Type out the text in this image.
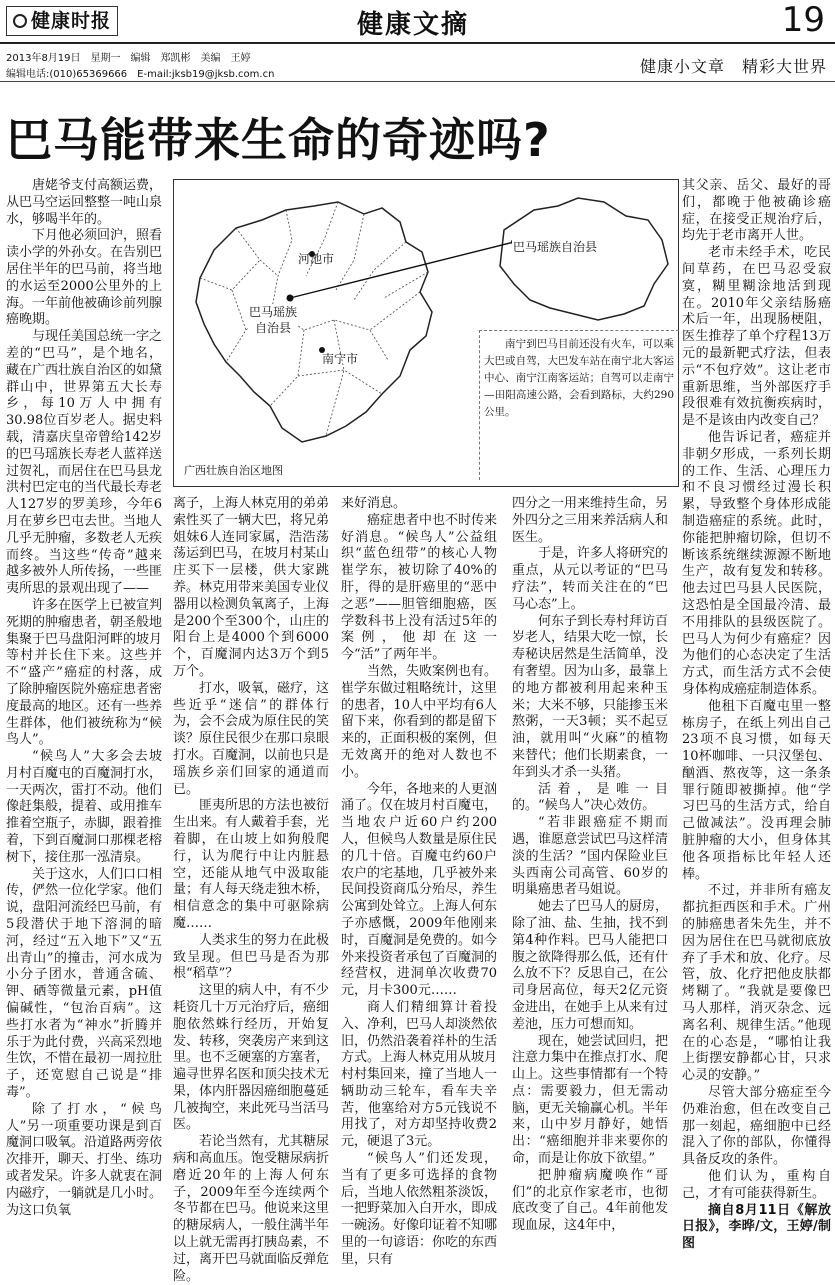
健康时报	健康文摘	19
2013年8月19日　星期一　编辑　郑凯彬　美编　王婷
编辑电话:(010)65369666　E-mail:jksb19@jksb.com.cn	健康小文章　精彩大世界
巴马能带来生命的奇迹吗?

唐姥爷支付高额运费，从巴马空运回整整一吨山泉水，够喝半年的。

下月他必须回沪，照看读小学的外孙女。在告别巴居住半年的巴马前，将当地的水运至2000公里外的上海。一年前他被确诊前列腺癌晚期。

与现任美国总统一字之差的“巴马”，是个地名，藏在广西壮族自治区的如黛群山中，世界第五大长寿乡，每10万人中拥有30.98位百岁老人。据史料载，清嘉庆皇帝曾给142岁的巴马瑶族长寿老人蓝祥送过贺礼，而居住在巴马县龙洪村巴定屯的当代最长寿老人127岁的罗美珍，今年6月在萝乡巴屯去世。当地人几乎无肿瘤，多数老人无疾而终。当这些“传奇”越来越多被外人所传扬，一些匪夷所思的景观出现了——

许多在医学上已被宣判死期的肿瘤患者，朝圣般地集聚于巴马盘阳河畔的坡月等村并长住下来。这些并不“盛产”癌症的村落，成了除肿瘤医院外癌症患者密度最高的地区。还有一些养生群体，他们被统称为“候鸟人”。

“候鸟人”大多会去坡月村百魔屯的百魔洞打水，一天两次，雷打不动。他们像赶集般，提着、或用推车推着空瓶子，赤脚，跟着推着，下到百魔洞口那棵老榕树下，接住那一泓清泉。

关于这水，人们口口相传，俨然一位化学家。他们说，盘阳河流经巴马前，有5段潜伏于地下溶洞的暗河，经过“五入地下”又“五出青山”的撞击，河水成为小分子团水，普通含硫、钾、硒等微量元素，pH值偏碱性，“包治百病”。这些打水者为“神水”折腾并乐于为此付费，兴高采烈地生饮，不惜在最初一周拉肚子，还宽慰自己说是“排毒”。

除了打水，“候鸟人”另一项重要功课是到百魔洞口吸氧。沿道路两旁依次排开，聊天、打坐、练功或者发呆。许多人就衷在洞内磁疗，一躺就是几小时。为这口负氧

离子，上海人林克用的弟弟索性买了一辆大巴，将兄弟姐妹6人连同家属，浩浩荡荡运到巴马，在坡月村某山庄买下一层楼，供大家跳养。林克用带来美国专业仪器用以检测负氧离子，上海是200个至300个，山庄的阳台上是4000个到6000个，百魔洞内达3万个到5万个。

打水，吸氧，磁疗，这些近乎“迷信”的群体行为，会不会成为原住民的笑谈？原住民很少在那口泉眼打水。百魔洞，以前也只是瑶族乡亲们回家的通道而已。

匪夷所思的方法也被衍生出来。有人戴着手套，光着脚，在山坡上如狗般爬行，认为爬行中让内脏悬空，还能从地气中汲取能量；有人每天绕走独木桥，相信意念的集中可驱除病魔……

人类求生的努力在此极致呈现。但巴马是否为那根“稻草”？

这里的病人中，有不少耗资几十万元治疗后，癌细胞依然蛛行经历，开始复发、转移，突袭房产来到这里。也不乏硬塞的方塞者，遍寻世界名医和顶尖技术无果，体内肝器因癌细胞蔓延几被掏空，来此死马当活马医。

若论当然有，尤其糖尿病和高血压。饱受糖尿病折磨近20年的上海人何东子，2009年至今连续两个冬节都在巴马。他说来这里的糖尿病人，一般住满半年以上就无需再打胰岛素，不过，离开巴马就面临反弹危险。

来好消息。

癌症患者中也不时传来好消息。“候鸟人”公益组织“蓝色纽带”的核心人物崔学东，被切除了40%的肝，得的是肝癌里的“恶中之恶”——胆管细胞癌，医学数科书上没有活过5年的案例，他却在这一今“活”了两年半。

当然，失败案例也有。崔学东做过粗略统计，这里的患者，10人中平均有6人留下来，你看到的都是留下来的，正面积极的案例，但无效离开的绝对人数也不小。

今年，各地来的人更汹涌了。仅在坡月村百魔屯，当地农户近60户约200人，但候鸟人数量是原住民的几十倍。百魔屯约60户农户的宅基地，几乎被外来民间投资商瓜分殆尽，养生公寓到处耸立。上海人何东子亦感慨，2009年他刚来时，百魔洞是免费的。如今外来投资者承包了百魔洞的经营权，进洞单次收费70元，月卡300元……

商人们精细算计着投入、净利，巴马人却淡然依旧，仍然沿袭着祥朴的生活方式。上海人林克用从坡月村村集回来，撞了当地人一辆助动三轮车，看车夫辛苦，他塞给对方5元钱说不用找了，对方却坚持收费2元，硬退了3元。

“候鸟人”们还发现，当有了更多可选择的食物后，当地人依然粗茶淡饭，一把野菜加入白开水，即成一碗汤。好像印证着不知哪里的一句谚语：你吃的东西里，只有

四分之一用来维持生命，另外四分之三用来养活病人和医生。

于是，许多人将研究的重点，从元以考证的“巴马疗法”，转而关注在的“巴马心态”上。

何东子到长寿村拜访百岁老人，结果大吃一惊，长寿秘诀居然是生活简单，没有奢望。因为山多，最靠上的地方都被利用起来种玉米；大米不够，只能掺玉米熬粥，一天3顿；买不起豆油，就用叫“火麻”的植物来替代；他们长期素食，一年到头才杀一头猪。

活着，是唯一目的。“候鸟人”决心效仿。

“若非跟癌症不期而遇，谁愿意尝试巴马这样清淡的生活？”国内保险业巨头西南公司高管、60岁的明巢癌患者马姐说。

她去了巴马人的厨房，除了油、盐、生抽，找不到第4种作料。巴马人能把口腹之欲降得那么低，还有什么放不下？反思自己，在公司身居高位，每天2亿元资金进出，在她手上从来有过差池，压力可想而知。

现在，她尝试回归，把注意力集中在推点打水、爬山上。这些事情都有一个特点：需要毅力，但无需动脑，更无关输赢心机。半年来，山中岁月静好，她悟出：“癌细胞并非来要你的命，而是让你放下欲望。”

把肿瘤病魔唤作“哥们”的北京作家老市，也彻底改变了自己。4年前他发现血尿，这4年中，

其父亲、岳父、最好的哥们，都晚于他被确诊癌症，在接受正规治疗后，均先于老市离开人世。

老市未经手术，吃民间草药，在巴马忍受寂寞，糊里糊涂地活到现在。2010年父亲结肠癌术后一年，出现肠梗阻，医生推荐了单个疗程13万元的最新靶式疗法，但表示“不包疗效”。这让老市重新思维，当外部医疗手段很难有效抗衡疾病时，是不是该由内改变自己？

他告诉记者，癌症并非朝夕形成，一系列长期的工作、生活、心理压力和不良习惯经过漫长积累，导致整个身体形成能制造癌症的系统。此时，你能把肿瘤切除，但切不断该系统继续源源不断地生产，故有复发和转移。他去过巴马县人民医院，这恐怕是全国最冷清、最不用排队的县级医院了。巴马人为何少有癌症？因为他们的心态决定了生活方式，而生活方式不会使身体构成癌症制造体系。

他租下百魔屯里一整栋房子，在纸上列出自己23项不良习惯，如每天10杯咖啡、一只汉堡包、酗酒、熬夜等，这一条条罪行随即被撕掉。他“学习巴马的生活方式，给自己做减法”。没再理会肺脏肿瘤的大小，但身体其他各项指标比年轻人还棒。

不过，并非所有癌友都抗拒西医和手术。广州的肺癌患者朱先生，并不因为居住在巴马就彻底放弃了手术和放、化疗。尽管，放、化疗把他皮肤都烤糊了。“我就是要像巴马人那样，消灭杂念、远离名利、规律生活。”他现在的心态是，“哪怕让我上街摆安静都心甘，只求心灵的安静。”

尽管大部分癌症至今仍难治愈，但在改变自己那一刻起，癌细胞中已经混入了你的部队，你懂得具备反攻的条件。

他们认为，重构自己，才有可能获得新生。

摘自8月11日《解放日报》，李晔/文，王婷/制图

巴马瑶族自治县
河池市
巴马瑶族
自治县
南宁市
广西壮族自治区地图
南宁到巴马目前还没有火车，可以乘大巴或自驾，大巴发车站在南宁北大客运中心、南宁江南客运站；自驾可以走南宁—田阳高速公路，会看到路标，大约290公里。
